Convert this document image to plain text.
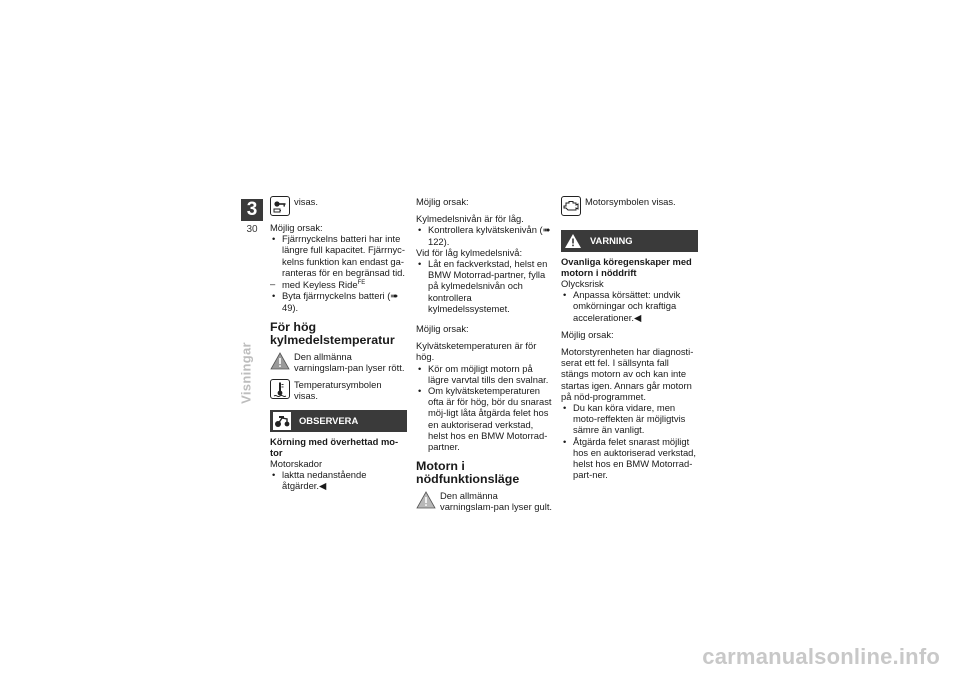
3
30
Visningar
visas.

Möjlig orsak:

• Fjärrnyckelns batteri har inte längre full kapacitet. Fjärrnyc-kelns funktion kan endast ga-ranteras för en begränsad tid.

– med Keyless Ride$^{FE}$

• Byta fjärrnyckelns batteri (➠ 49).

För hög kylmedelstemperatur
Den allmänna varningslam-pan lyser rött.
Temperatursymbolen visas.
OBSERVERA
Körning med överhettad mo-tor

Motorskador

• laktta nedanstående åtgärder.◀

Möjlig orsak:

Kylmedelsnivån är för låg.

• Kontrollera kylvätskenivån (➠ 122).

Vid för låg kylmedelsnivå:

• Låt en fackverkstad, helst en BMW Motorrad-partner, fylla på kylmedelsnivån och kontrollera kylmedelssystemet.

Möjlig orsak:

Kylvätsketemperaturen är för hög.

• Kör om möjligt motorn på lägre varvtal tills den svalnar.

• Om kylvätsketemperaturen ofta är för hög, bör du snarast möj-ligt låta åtgärda felet hos en auktoriserad verkstad, helst hos en BMW Motorrad-partner.

Motorn i nödfunktionsläge
Den allmänna varningslam-pan lyser gult.
Motorsymbolen visas.
VARNING
Ovanliga köregenskaper med motorn i nöddrift

Olycksrisk

• Anpassa körsättet: undvik omkörningar och kraftiga accelerationer.◀

Möjlig orsak:

Motorstyrenheten har diagnosti-serat ett fel. I sällsynta fall stängs motorn av och kan inte startas igen. Annars går motorn på nöd-programmet.

• Du kan köra vidare, men moto-reffekten är möjligtvis sämre än vanligt.

• Åtgärda felet snarast möjligt hos en auktoriserad verkstad, helst hos en BMW Motorrad-part-ner.

carmanualsonline.info
